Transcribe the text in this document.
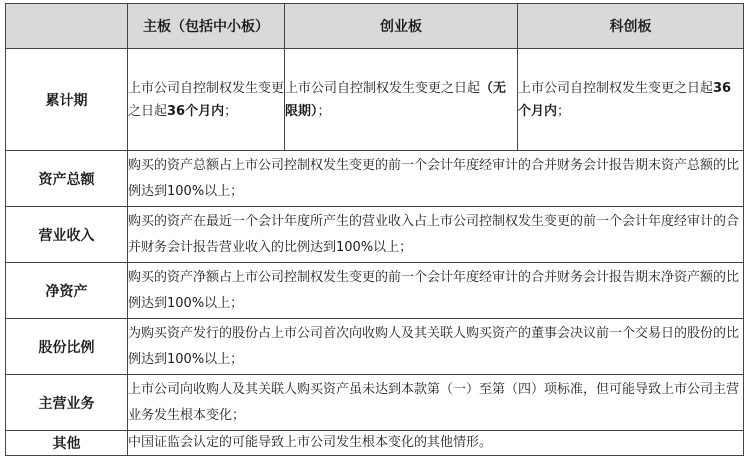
	主板（包括中小板）	创业板	科创板
累计期	上市公司自控制权发生变更之日起36个月内；	上市公司自控制权发生变更之日起（无限期）；	上市公司自控制权发生变更之日起36个月内；
资产总额	购买的资产总额占上市公司控制权发生变更的前一个会计年度经审计的合并财务会计报告期末资产总额的比例达到100%以上；		
营业收入	购买的资产在最近一个会计年度所产生的营业收入占上市公司控制权发生变更的前一个会计年度经审计的合并财务会计报告营业收入的比例达到100%以上；		
净资产	购买的资产净额占上市公司控制权发生变更的前一个会计年度经审计的合并财务会计报告期末净资产额的比例达到100%以上；		
股份比例	为购买资产发行的股份占上市公司首次向收购人及其关联人购买资产的董事会决议前一个交易日的股份的比例达到100%以上；		
主营业务	上市公司向收购人及其关联人购买资产虽未达到本款第（一）至第（四）项标准，但可能导致上市公司主营业务发生根本变化；		
其他	中国证监会认定的可能导致上市公司发生根本变化的其他情形。		
